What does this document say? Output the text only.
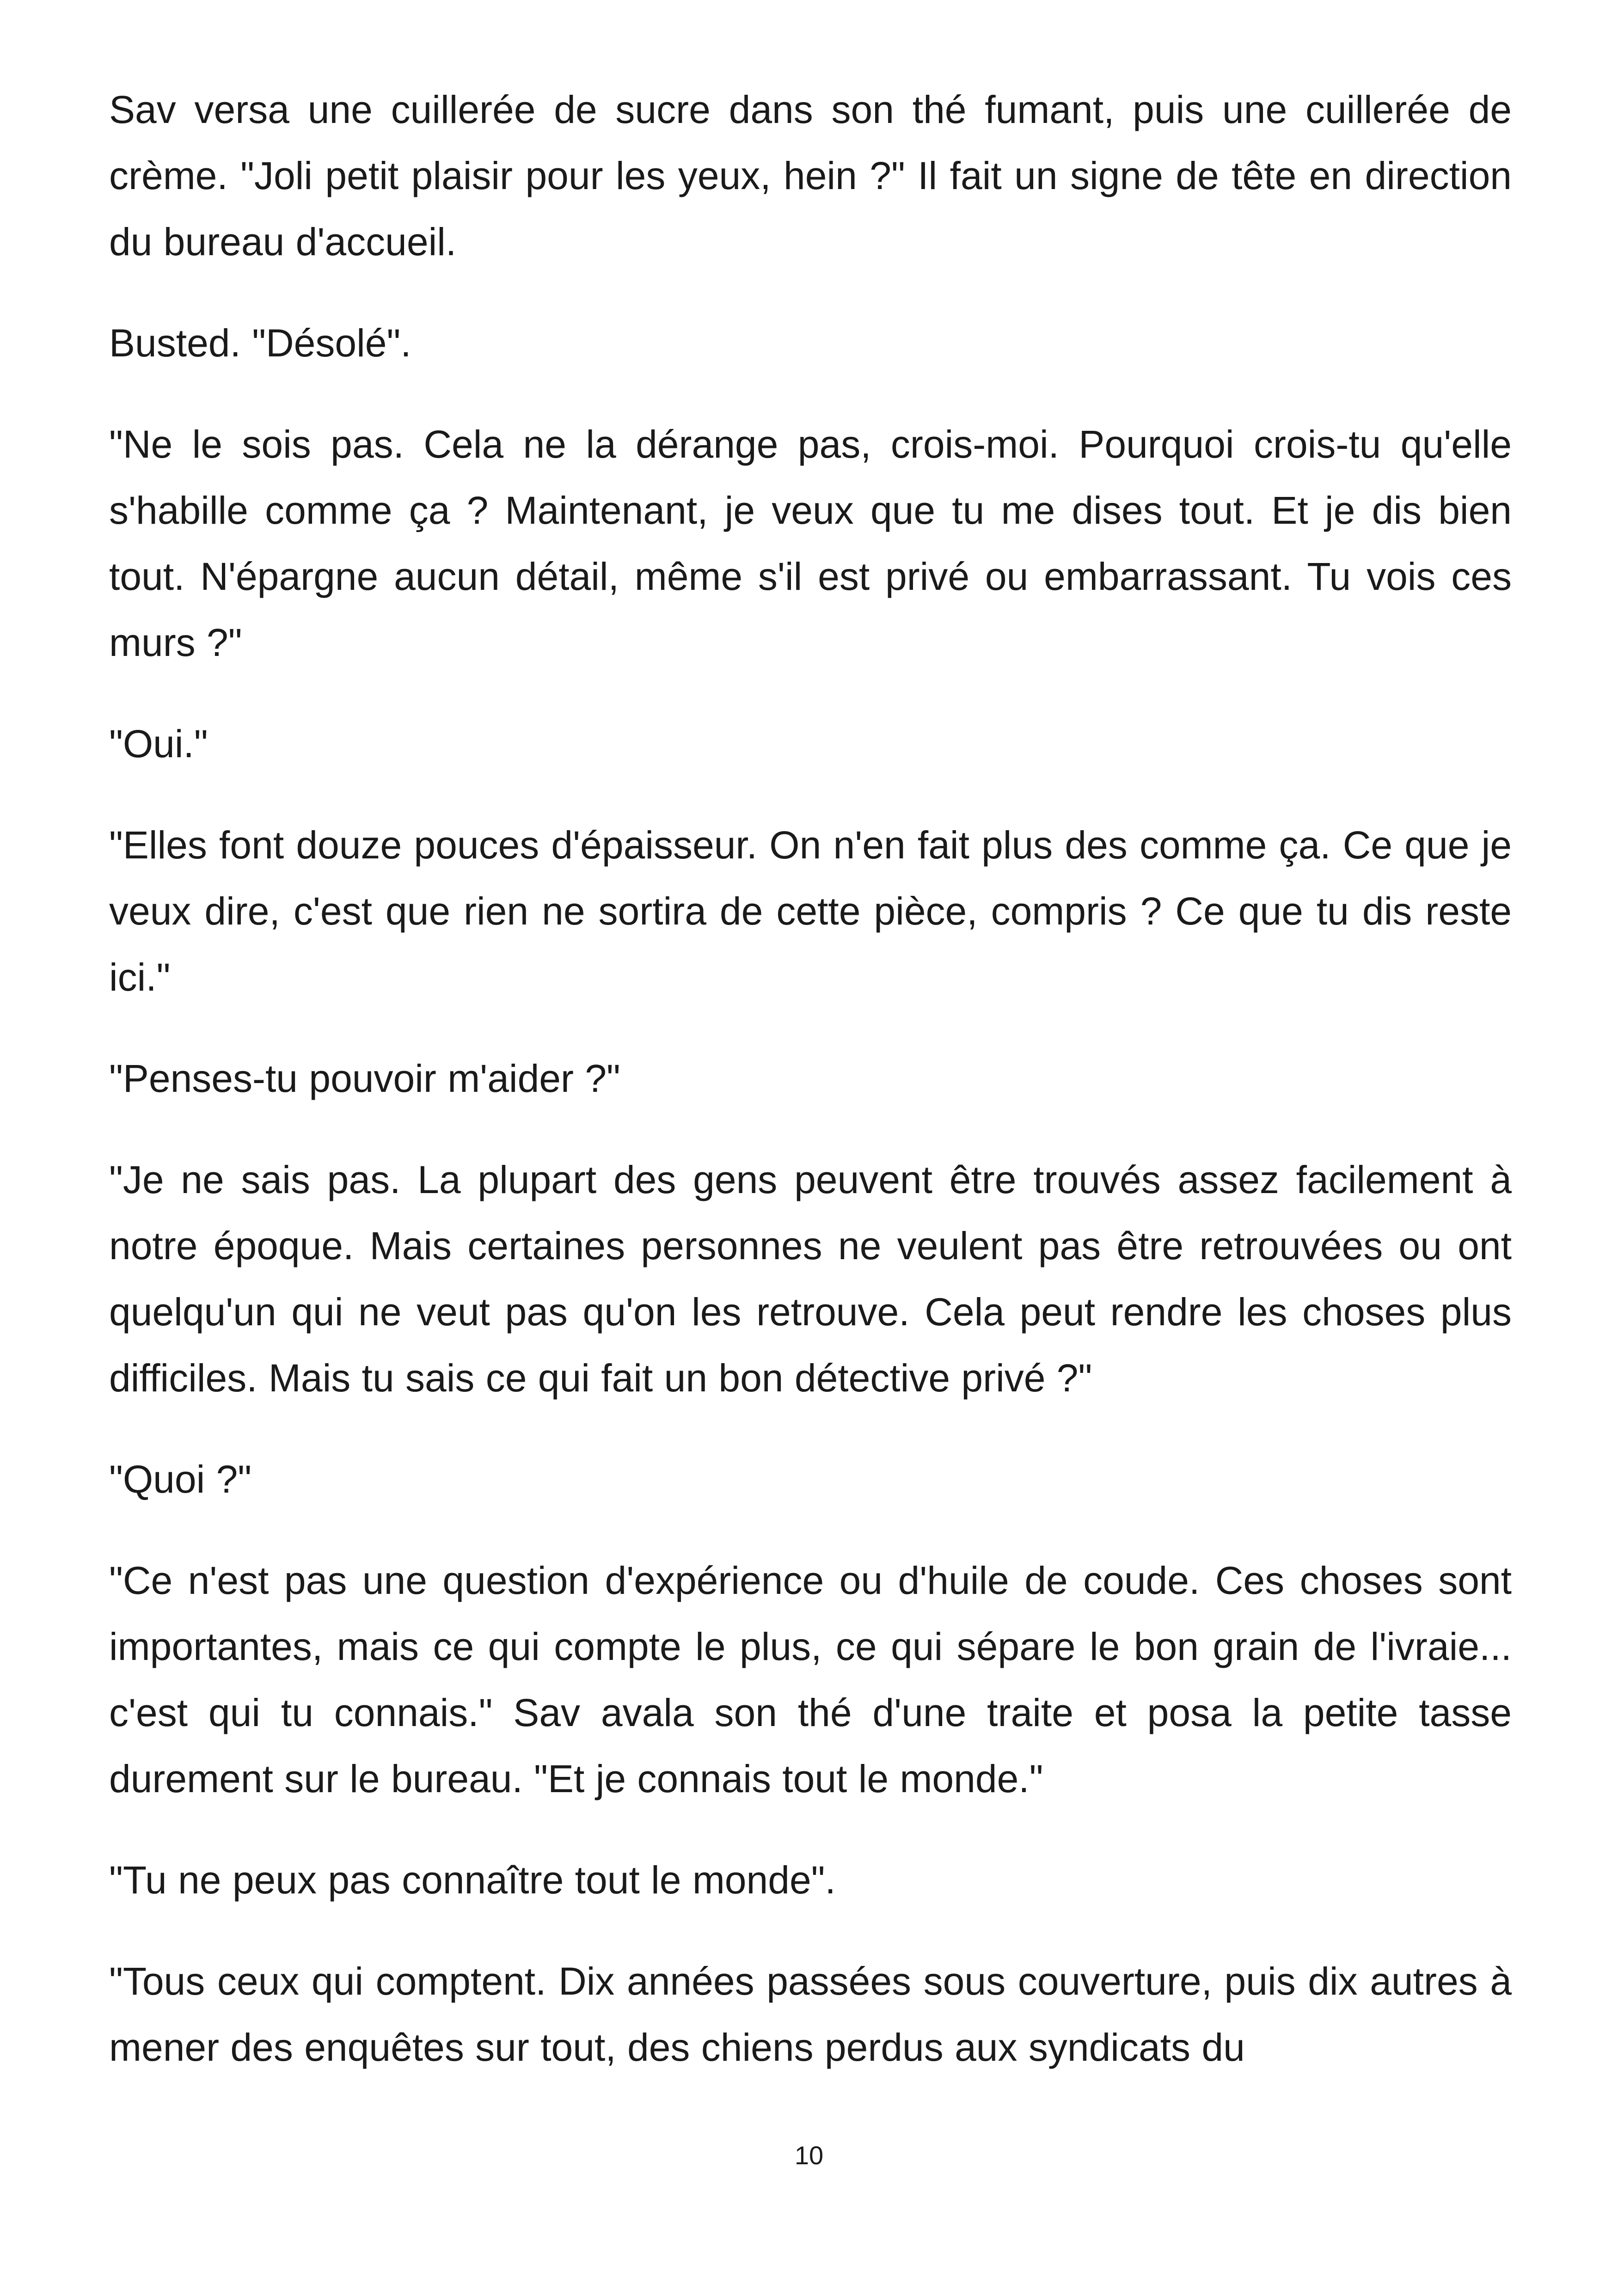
Sav versa une cuillerée de sucre dans son thé fumant, puis une cuillerée de crème. "Joli petit plaisir pour les yeux, hein ?" Il fait un signe de tête en direction du bureau d'accueil.

Busted. "Désolé".

"Ne le sois pas. Cela ne la dérange pas, crois-moi. Pourquoi crois-tu qu'elle s'habille comme ça ? Maintenant, je veux que tu me dises tout. Et je dis bien tout. N'épargne aucun détail, même s'il est privé ou embarrassant. Tu vois ces murs ?"

"Oui."

"Elles font douze pouces d'épaisseur. On n'en fait plus des comme ça. Ce que je veux dire, c'est que rien ne sortira de cette pièce, compris ? Ce que tu dis reste ici."

"Penses-tu pouvoir m'aider ?"

"Je ne sais pas. La plupart des gens peuvent être trouvés assez facilement à notre époque. Mais certaines personnes ne veulent pas être retrouvées ou ont quelqu'un qui ne veut pas qu'on les retrouve. Cela peut rendre les choses plus difficiles. Mais tu sais ce qui fait un bon détective privé ?"

"Quoi ?"

"Ce n'est pas une question d'expérience ou d'huile de coude. Ces choses sont importantes, mais ce qui compte le plus, ce qui sépare le bon grain de l'ivraie... c'est qui tu connais." Sav avala son thé d'une traite et posa la petite tasse durement sur le bureau. "Et je connais tout le monde."

"Tu ne peux pas connaître tout le monde".

"Tous ceux qui comptent. Dix années passées sous couverture, puis dix autres à mener des enquêtes sur tout, des chiens perdus aux syndicats du

10
